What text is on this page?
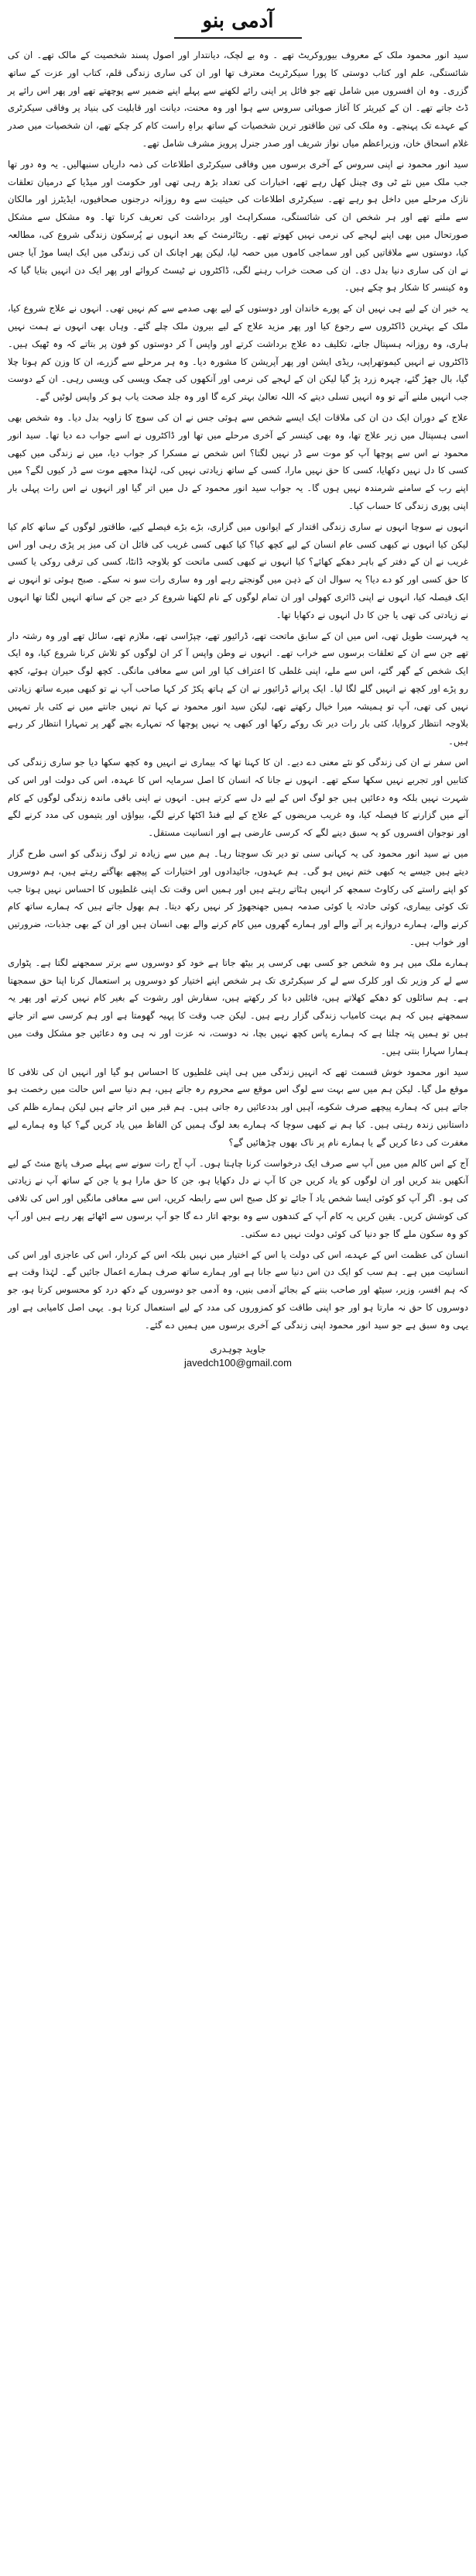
آدمی بنو

سید انور محمود ملک کے معروف بیوروکریٹ تھے ۔ وہ بے لچک، دیانتدار اور اصول پسند شخصیت کے مالک تھے۔ ان کی شائستگی، علم اور کتاب دوستی کا پورا سیکرٹریٹ معترف تھا اور ان کی ساری زندگی قلم، کتاب اور عزت کے ساتھ گزری۔ وہ ان افسروں میں شامل تھے جو فائل پر اپنی رائے لکھنے سے پہلے اپنے ضمیر سے پوچھتے تھے اور پھر اس رائے پر ڈٹ جاتے تھے۔ ان کے کیریئر کا آغاز صوبائی سروس سے ہوا اور وہ محنت، دیانت اور قابلیت کی بنیاد پر وفاقی سیکرٹری کے عہدے تک پہنچے۔ وہ ملک کی تین طاقتور ترین شخصیات کے ساتھ براہِ راست کام کر چکے تھے، ان شخصیات میں صدر غلام اسحاق خان، وزیراعظم میاں نواز شریف اور صدر جنرل پرویز مشرف شامل تھے۔

سید انور محمود نے اپنی سروس کے آخری برسوں میں وفاقی سیکرٹری اطلاعات کی ذمہ داریاں سنبھالیں۔ یہ وہ دور تھا جب ملک میں نئے ٹی وی چینل کھل رہے تھے، اخبارات کی تعداد بڑھ رہی تھی اور حکومت اور میڈیا کے درمیان تعلقات نازک مرحلے میں داخل ہو رہے تھے۔ سیکرٹری اطلاعات کی حیثیت سے وہ روزانہ درجنوں صحافیوں، ایڈیٹرز اور مالکان سے ملتے تھے اور ہر شخص ان کی شائستگی، مسکراہٹ اور برداشت کی تعریف کرتا تھا۔ وہ مشکل سے مشکل صورتحال میں بھی اپنے لہجے کی نرمی نہیں کھوتے تھے۔ ریٹائرمنٹ کے بعد انہوں نے پُرسکون زندگی شروع کی، مطالعہ کیا، دوستوں سے ملاقاتیں کیں اور سماجی کاموں میں حصہ لیا، لیکن پھر اچانک ان کی زندگی میں ایک ایسا موڑ آیا جس نے ان کی ساری دنیا بدل دی۔ ان کی صحت خراب رہنے لگی، ڈاکٹروں نے ٹیسٹ کروائے اور پھر ایک دن انہیں بتایا گیا کہ وہ کینسر کا شکار ہو چکے ہیں۔

یہ خبر ان کے لیے ہی نہیں ان کے پورے خاندان اور دوستوں کے لیے بھی صدمے سے کم نہیں تھی۔ انہوں نے علاج شروع کیا، ملک کے بہترین ڈاکٹروں سے رجوع کیا اور پھر مزید علاج کے لیے بیرون ملک چلے گئے۔ وہاں بھی انہوں نے ہمت نہیں ہاری، وہ روزانہ ہسپتال جاتے، تکلیف دہ علاج برداشت کرتے اور واپس آ کر دوستوں کو فون پر بتاتے کہ وہ ٹھیک ہیں۔ ڈاکٹروں نے انہیں کیموتھراپی، ریڈی ایشن اور پھر آپریشن کا مشورہ دیا۔ وہ ہر مرحلے سے گزرے، ان کا وزن کم ہوتا چلا گیا، بال جھڑ گئے، چہرہ زرد پڑ گیا لیکن ان کے لہجے کی نرمی اور آنکھوں کی چمک ویسی کی ویسی رہی۔ ان کے دوست جب انہیں ملنے آتے تو وہ انہیں تسلی دیتے کہ اللہ تعالیٰ بہتر کرے گا اور وہ جلد صحت یاب ہو کر واپس لوٹیں گے۔

علاج کے دوران ایک دن ان کی ملاقات ایک ایسے شخص سے ہوئی جس نے ان کی سوچ کا زاویہ بدل دیا۔ وہ شخص بھی اسی ہسپتال میں زیر علاج تھا، وہ بھی کینسر کے آخری مرحلے میں تھا اور ڈاکٹروں نے اسے جواب دے دیا تھا۔ سید انور محمود نے اس سے پوچھا آپ کو موت سے ڈر نہیں لگتا؟ اس شخص نے مسکرا کر جواب دیا، میں نے زندگی میں کبھی کسی کا دل نہیں دکھایا، کسی کا حق نہیں مارا، کسی کے ساتھ زیادتی نہیں کی، لہٰذا مجھے موت سے ڈر کیوں لگے؟ میں اپنے رب کے سامنے شرمندہ نہیں ہوں گا۔ یہ جواب سید انور محمود کے دل میں اتر گیا اور انہوں نے اس رات پہلی بار اپنی پوری زندگی کا حساب کیا۔

انہوں نے سوچا انہوں نے ساری زندگی اقتدار کے ایوانوں میں گزاری، بڑے بڑے فیصلے کیے، طاقتور لوگوں کے ساتھ کام کیا لیکن کیا انہوں نے کبھی کسی عام انسان کے لیے کچھ کیا؟ کیا کبھی کسی غریب کی فائل ان کی میز پر پڑی رہی اور اس غریب نے ان کے دفتر کے باہر دھکے کھائے؟ کیا انہوں نے کبھی کسی ماتحت کو بلاوجہ ڈانٹا، کسی کی ترقی روکی یا کسی کا حق کسی اور کو دے دیا؟ یہ سوال ان کے ذہن میں گونجتے رہے اور وہ ساری رات سو نہ سکے۔ صبح ہوئی تو انہوں نے ایک فیصلہ کیا، انہوں نے اپنی ڈائری کھولی اور ان تمام لوگوں کے نام لکھنا شروع کر دیے جن کے ساتھ انہیں لگتا تھا انہوں نے زیادتی کی تھی یا جن کا دل انہوں نے دکھایا تھا۔

یہ فہرست طویل تھی، اس میں ان کے سابق ماتحت تھے، ڈرائیور تھے، چپڑاسی تھے، ملازم تھے، سائل تھے اور وہ رشتہ دار تھے جن سے ان کے تعلقات برسوں سے خراب تھے۔ انہوں نے وطن واپس آ کر ان لوگوں کو تلاش کرنا شروع کیا، وہ ایک ایک شخص کے گھر گئے، اس سے ملے، اپنی غلطی کا اعتراف کیا اور اس سے معافی مانگی۔ کچھ لوگ حیران ہوئے، کچھ رو پڑے اور کچھ نے انہیں گلے لگا لیا۔ ایک پرانے ڈرائیور نے ان کے ہاتھ پکڑ کر کہا صاحب آپ نے تو کبھی میرے ساتھ زیادتی نہیں کی تھی، آپ تو ہمیشہ میرا خیال رکھتے تھے، لیکن سید انور محمود نے کہا تم نہیں جانتے میں نے کئی بار تمہیں بلاوجہ انتظار کروایا، کئی بار رات دیر تک روکے رکھا اور کبھی یہ نہیں پوچھا کہ تمہارے بچے گھر پر تمہارا انتظار کر رہے ہیں۔

اس سفر نے ان کی زندگی کو نئے معنی دے دیے۔ ان کا کہنا تھا کہ بیماری نے انہیں وہ کچھ سکھا دیا جو ساری زندگی کی کتابیں اور تجربے نہیں سکھا سکے تھے۔ انہوں نے جانا کہ انسان کا اصل سرمایہ اس کا عہدہ، اس کی دولت اور اس کی شہرت نہیں بلکہ وہ دعائیں ہیں جو لوگ اس کے لیے دل سے کرتے ہیں۔ انہوں نے اپنی باقی ماندہ زندگی لوگوں کے کام آنے میں گزارنے کا فیصلہ کیا، وہ غریب مریضوں کے علاج کے لیے فنڈ اکٹھا کرنے لگے، بیواؤں اور یتیموں کی مدد کرنے لگے اور نوجوان افسروں کو یہ سبق دینے لگے کہ کرسی عارضی ہے اور انسانیت مستقل۔

میں نے سید انور محمود کی یہ کہانی سنی تو دیر تک سوچتا رہا۔ ہم میں سے زیادہ تر لوگ زندگی کو اسی طرح گزار دیتے ہیں جیسے یہ کبھی ختم نہیں ہو گی۔ ہم عہدوں، جائیدادوں اور اختیارات کے پیچھے بھاگتے رہتے ہیں، ہم دوسروں کو اپنے راستے کی رکاوٹ سمجھ کر انہیں ہٹاتے رہتے ہیں اور ہمیں اس وقت تک اپنی غلطیوں کا احساس نہیں ہوتا جب تک کوئی بیماری، کوئی حادثہ یا کوئی صدمہ ہمیں جھنجھوڑ کر نہیں رکھ دیتا۔ ہم بھول جاتے ہیں کہ ہمارے ساتھ کام کرنے والے، ہمارے دروازے پر آنے والے اور ہمارے گھروں میں کام کرنے والے بھی انسان ہیں اور ان کے بھی جذبات، ضرورتیں اور خواب ہیں۔

ہمارے ملک میں ہر وہ شخص جو کسی بھی کرسی پر بیٹھ جاتا ہے خود کو دوسروں سے برتر سمجھنے لگتا ہے۔ پٹواری سے لے کر وزیر تک اور کلرک سے لے کر سیکرٹری تک ہر شخص اپنے اختیار کو دوسروں پر استعمال کرنا اپنا حق سمجھتا ہے۔ ہم سائلوں کو دھکے کھلاتے ہیں، فائلیں دبا کر رکھتے ہیں، سفارش اور رشوت کے بغیر کام نہیں کرتے اور پھر یہ سمجھتے ہیں کہ ہم بہت کامیاب زندگی گزار رہے ہیں۔ لیکن جب وقت کا پہیہ گھومتا ہے اور ہم کرسی سے اتر جاتے ہیں تو ہمیں پتہ چلتا ہے کہ ہمارے پاس کچھ نہیں بچا، نہ دوست، نہ عزت اور نہ ہی وہ دعائیں جو مشکل وقت میں ہمارا سہارا بنتی ہیں۔

سید انور محمود خوش قسمت تھے کہ انہیں زندگی میں ہی اپنی غلطیوں کا احساس ہو گیا اور انہیں ان کی تلافی کا موقع مل گیا۔ لیکن ہم میں سے بہت سے لوگ اس موقع سے محروم رہ جاتے ہیں، ہم دنیا سے اس حالت میں رخصت ہو جاتے ہیں کہ ہمارے پیچھے صرف شکوے، آہیں اور بددعائیں رہ جاتی ہیں۔ ہم قبر میں اتر جاتے ہیں لیکن ہمارے ظلم کی داستانیں زندہ رہتی ہیں۔ کیا ہم نے کبھی سوچا کہ ہمارے بعد لوگ ہمیں کن الفاظ میں یاد کریں گے؟ کیا وہ ہمارے لیے مغفرت کی دعا کریں گے یا ہمارے نام پر ناک بھوں چڑھائیں گے؟

آج کے اس کالم میں میں آپ سے صرف ایک درخواست کرنا چاہتا ہوں۔ آپ آج رات سونے سے پہلے صرف پانچ منٹ کے لیے آنکھیں بند کریں اور ان لوگوں کو یاد کریں جن کا آپ نے دل دکھایا ہو، جن کا حق مارا ہو یا جن کے ساتھ آپ نے زیادتی کی ہو۔ اگر آپ کو کوئی ایسا شخص یاد آ جائے تو کل صبح اس سے رابطہ کریں، اس سے معافی مانگیں اور اس کی تلافی کی کوشش کریں۔ یقین کریں یہ کام آپ کے کندھوں سے وہ بوجھ اتار دے گا جو آپ برسوں سے اٹھائے پھر رہے ہیں اور آپ کو وہ سکون ملے گا جو دنیا کی کوئی دولت نہیں دے سکتی۔

انسان کی عظمت اس کے عہدے، اس کی دولت یا اس کے اختیار میں نہیں بلکہ اس کے کردار، اس کی عاجزی اور اس کی انسانیت میں ہے۔ ہم سب کو ایک دن اس دنیا سے جانا ہے اور ہمارے ساتھ صرف ہمارے اعمال جائیں گے۔ لہٰذا وقت ہے کہ ہم افسر، وزیر، سیٹھ اور صاحب بننے کے بجائے آدمی بنیں، وہ آدمی جو دوسروں کے دکھ درد کو محسوس کرتا ہو، جو دوسروں کا حق نہ مارتا ہو اور جو اپنی طاقت کو کمزوروں کی مدد کے لیے استعمال کرتا ہو۔ یہی اصل کامیابی ہے اور یہی وہ سبق ہے جو سید انور محمود اپنی زندگی کے آخری برسوں میں ہمیں دے گئے۔

جاوید چوہدری
javedch100@gmail.com
